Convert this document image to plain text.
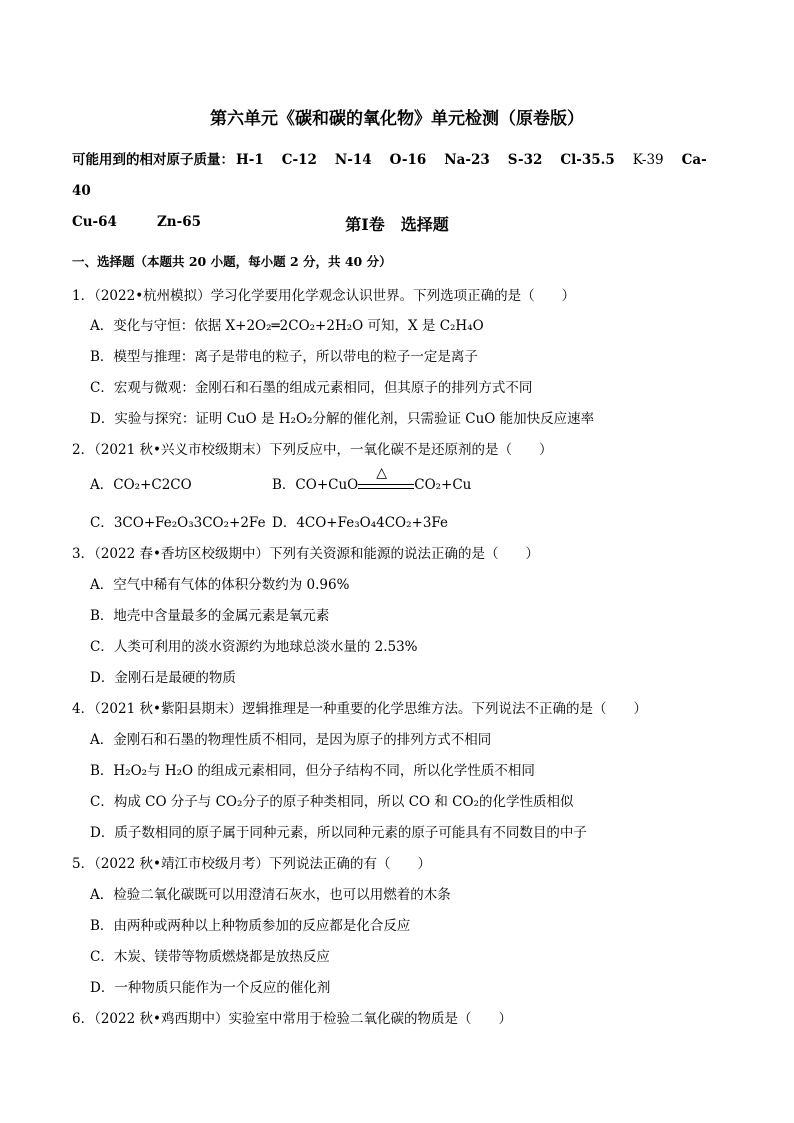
第六单元《碳和碳的氧化物》单元检测（原卷版）
可能用到的相对原子质量： H-1 C-12 N-14 O-16 Na-23 S-32 Cl-35.5 K-39 Ca-40
Cu-64	Zn-65	第Ⅰ卷　选择题
一、选择题（本题共 20 小题，每小题 2 分，共 40 分）
1．（2022•杭州模拟）学习化学要用化学观念认识世界。下列选项正确的是（　　）
A．变化与守恒：依据 X+2O₂═2CO₂+2H₂O 可知，X 是 C₂H₄O
B．模型与推理：离子是带电的粒子，所以带电的粒子一定是离子
C．宏观与微观：金刚石和石墨的组成元素相同，但其原子的排列方式不同
D．实验与探究：证明 CuO 是 H₂O₂分解的催化剂，只需验证 CuO 能加快反应速率
2．（2021 秋•兴义市校级期末）下列反应中，一氧化碳不是还原剂的是（　　）
A．CO₂+C2CO	B．CO+CuO
△
CO₂+Cu
C．3CO+Fe₂O₃3CO₂+2Fe D．4CO+Fe₃O₄4CO₂+3Fe
3．（2022 春•香坊区校级期中）下列有关资源和能源的说法正确的是（　　）
A．空气中稀有气体的体积分数约为 0.96%
B．地壳中含量最多的金属元素是氧元素
C．人类可利用的淡水资源约为地球总淡水量的 2.53%
D．金刚石是最硬的物质
4．（2021 秋•紫阳县期末）逻辑推理是一种重要的化学思维方法。下列说法不正确的是（　　）
A．金刚石和石墨的物理性质不相同，是因为原子的排列方式不相同
B．H₂O₂与 H₂O 的组成元素相同，但分子结构不同，所以化学性质不相同
C．构成 CO 分子与 CO₂分子的原子种类相同，所以 CO 和 CO₂的化学性质相似
D．质子数相同的原子属于同种元素，所以同种元素的原子可能具有不同数目的中子
5．（2022 秋•靖江市校级月考）下列说法正确的有（　　）
A．检验二氧化碳既可以用澄清石灰水，也可以用燃着的木条
B．由两种或两种以上种物质参加的反应都是化合反应
C．木炭、镁带等物质燃烧都是放热反应
D．一种物质只能作为一个反应的催化剂
6．（2022 秋•鸡西期中）实验室中常用于检验二氧化碳的物质是（　　）
